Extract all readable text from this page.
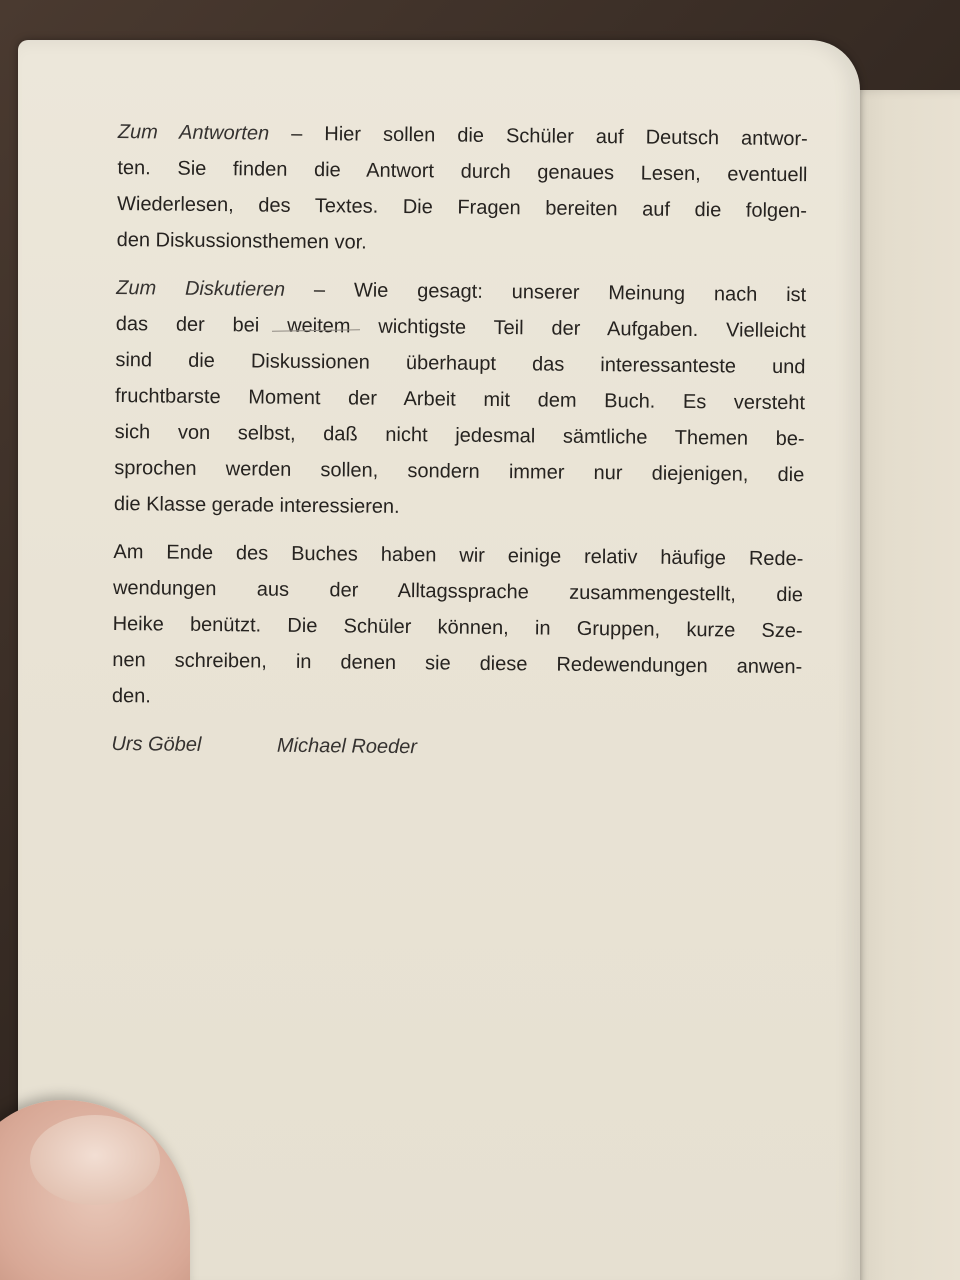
Zum Antworten – Hier sollen die Schüler auf Deutsch antwor-
ten. Sie finden die Antwort durch genaues Lesen, eventuell
Wiederlesen, des Textes. Die Fragen bereiten auf die folgen-
den Diskussionsthemen vor.
Zum Diskutieren – Wie gesagt: unserer Meinung nach ist
das der bei weitem wichtigste Teil der Aufgaben. Vielleicht
sind die Diskussionen überhaupt das interessanteste und
fruchtbarste Moment der Arbeit mit dem Buch. Es versteht
sich von selbst, daß nicht jedesmal sämtliche Themen be-
sprochen werden sollen, sondern immer nur diejenigen, die
die Klasse gerade interessieren.
Am Ende des Buches haben wir einige relativ häufige Rede-
wendungen aus der Alltagssprache zusammengestellt, die
Heike benützt. Die Schüler können, in Gruppen, kurze Sze-
nen schreiben, in denen sie diese Redewendungen anwen-
den.
Urs Göbel	Michael Roeder
